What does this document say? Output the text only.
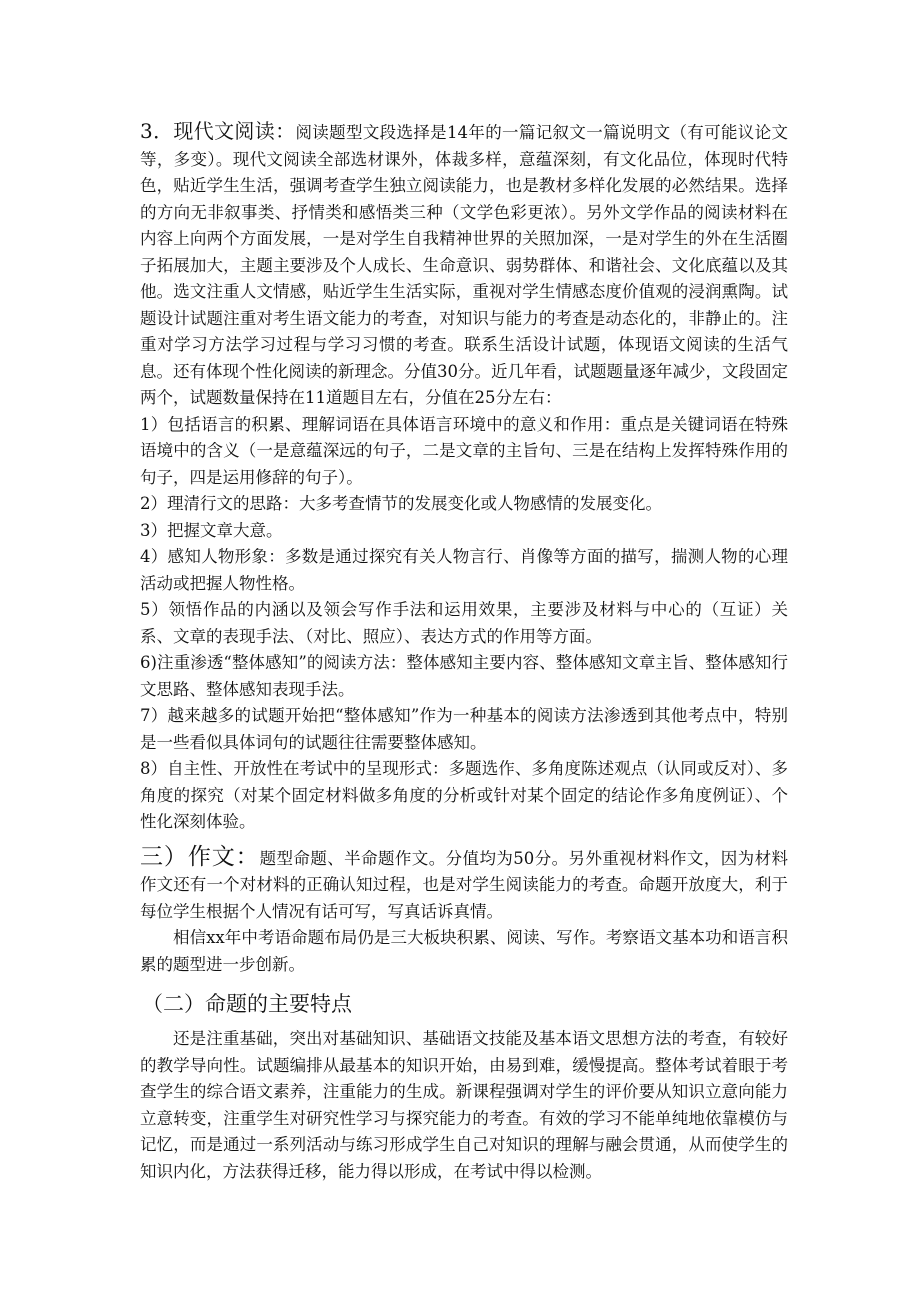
3．现代文阅读：阅读题型文段选择是14年的一篇记叙文一篇说明文（有可能议论文等，多变）。现代文阅读全部选材课外，体裁多样，意蕴深刻，有文化品位，体现时代特色，贴近学生生活，强调考查学生独立阅读能力，也是教材多样化发展的必然结果。选择的方向无非叙事类、抒情类和感悟类三种（文学色彩更浓）。另外文学作品的阅读材料在内容上向两个方面发展，一是对学生自我精神世界的关照加深，一是对学生的外在生活圈子拓展加大，主题主要涉及个人成长、生命意识、弱势群体、和谐社会、文化底蕴以及其他。选文注重人文情感，贴近学生生活实际，重视对学生情感态度价值观的浸润熏陶。试题设计试题注重对考生语文能力的考查，对知识与能力的考查是动态化的，非静止的。注重对学习方法学习过程与学习习惯的考查。联系生活设计试题，体现语文阅读的生活气息。还有体现个性化阅读的新理念。分值30分。近几年看，试题题量逐年减少，文段固定两个，试题数量保持在11道题目左右，分值在25分左右：

1）包括语言的积累、理解词语在具体语言环境中的意义和作用：重点是关键词语在特殊语境中的含义（一是意蕴深远的句子，二是文章的主旨句、三是在结构上发挥特殊作用的句子，四是运用修辞的句子）。

2）理清行文的思路：大多考查情节的发展变化或人物感情的发展变化。

3）把握文章大意。

4）感知人物形象：多数是通过探究有关人物言行、肖像等方面的描写，揣测人物的心理活动或把握人物性格。

5）领悟作品的内涵以及领会写作手法和运用效果，主要涉及材料与中心的（互证）关系、文章的表现手法、（对比、照应）、表达方式的作用等方面。

6)注重渗透“整体感知”的阅读方法：整体感知主要内容、整体感知文章主旨、整体感知行文思路、整体感知表现手法。

7）越来越多的试题开始把“整体感知”作为一种基本的阅读方法渗透到其他考点中，特别是一些看似具体词句的试题往往需要整体感知。

8）自主性、开放性在考试中的呈现形式：多题选作、多角度陈述观点（认同或反对）、多角度的探究（对某个固定材料做多角度的分析或针对某个固定的结论作多角度例证）、个性化深刻体验。

三）作文：题型命题、半命题作文。分值均为50分。另外重视材料作文，因为材料作文还有一个对材料的正确认知过程，也是对学生阅读能力的考查。命题开放度大，利于每位学生根据个人情况有话可写，写真话诉真情。

相信xx年中考语命题布局仍是三大板块积累、阅读、写作。考察语文基本功和语言积累的题型进一步创新。

（二）命题的主要特点

还是注重基础，突出对基础知识、基础语文技能及基本语文思想方法的考查，有较好的教学导向性。试题编排从最基本的知识开始，由易到难，缓慢提高。整体考试着眼于考查学生的综合语文素养，注重能力的生成。新课程强调对学生的评价要从知识立意向能力立意转变，注重学生对研究性学习与探究能力的考查。有效的学习不能单纯地依靠模仿与记忆，而是通过一系列活动与练习形成学生自己对知识的理解与融会贯通，从而使学生的知识内化，方法获得迁移，能力得以形成，在考试中得以检测。
